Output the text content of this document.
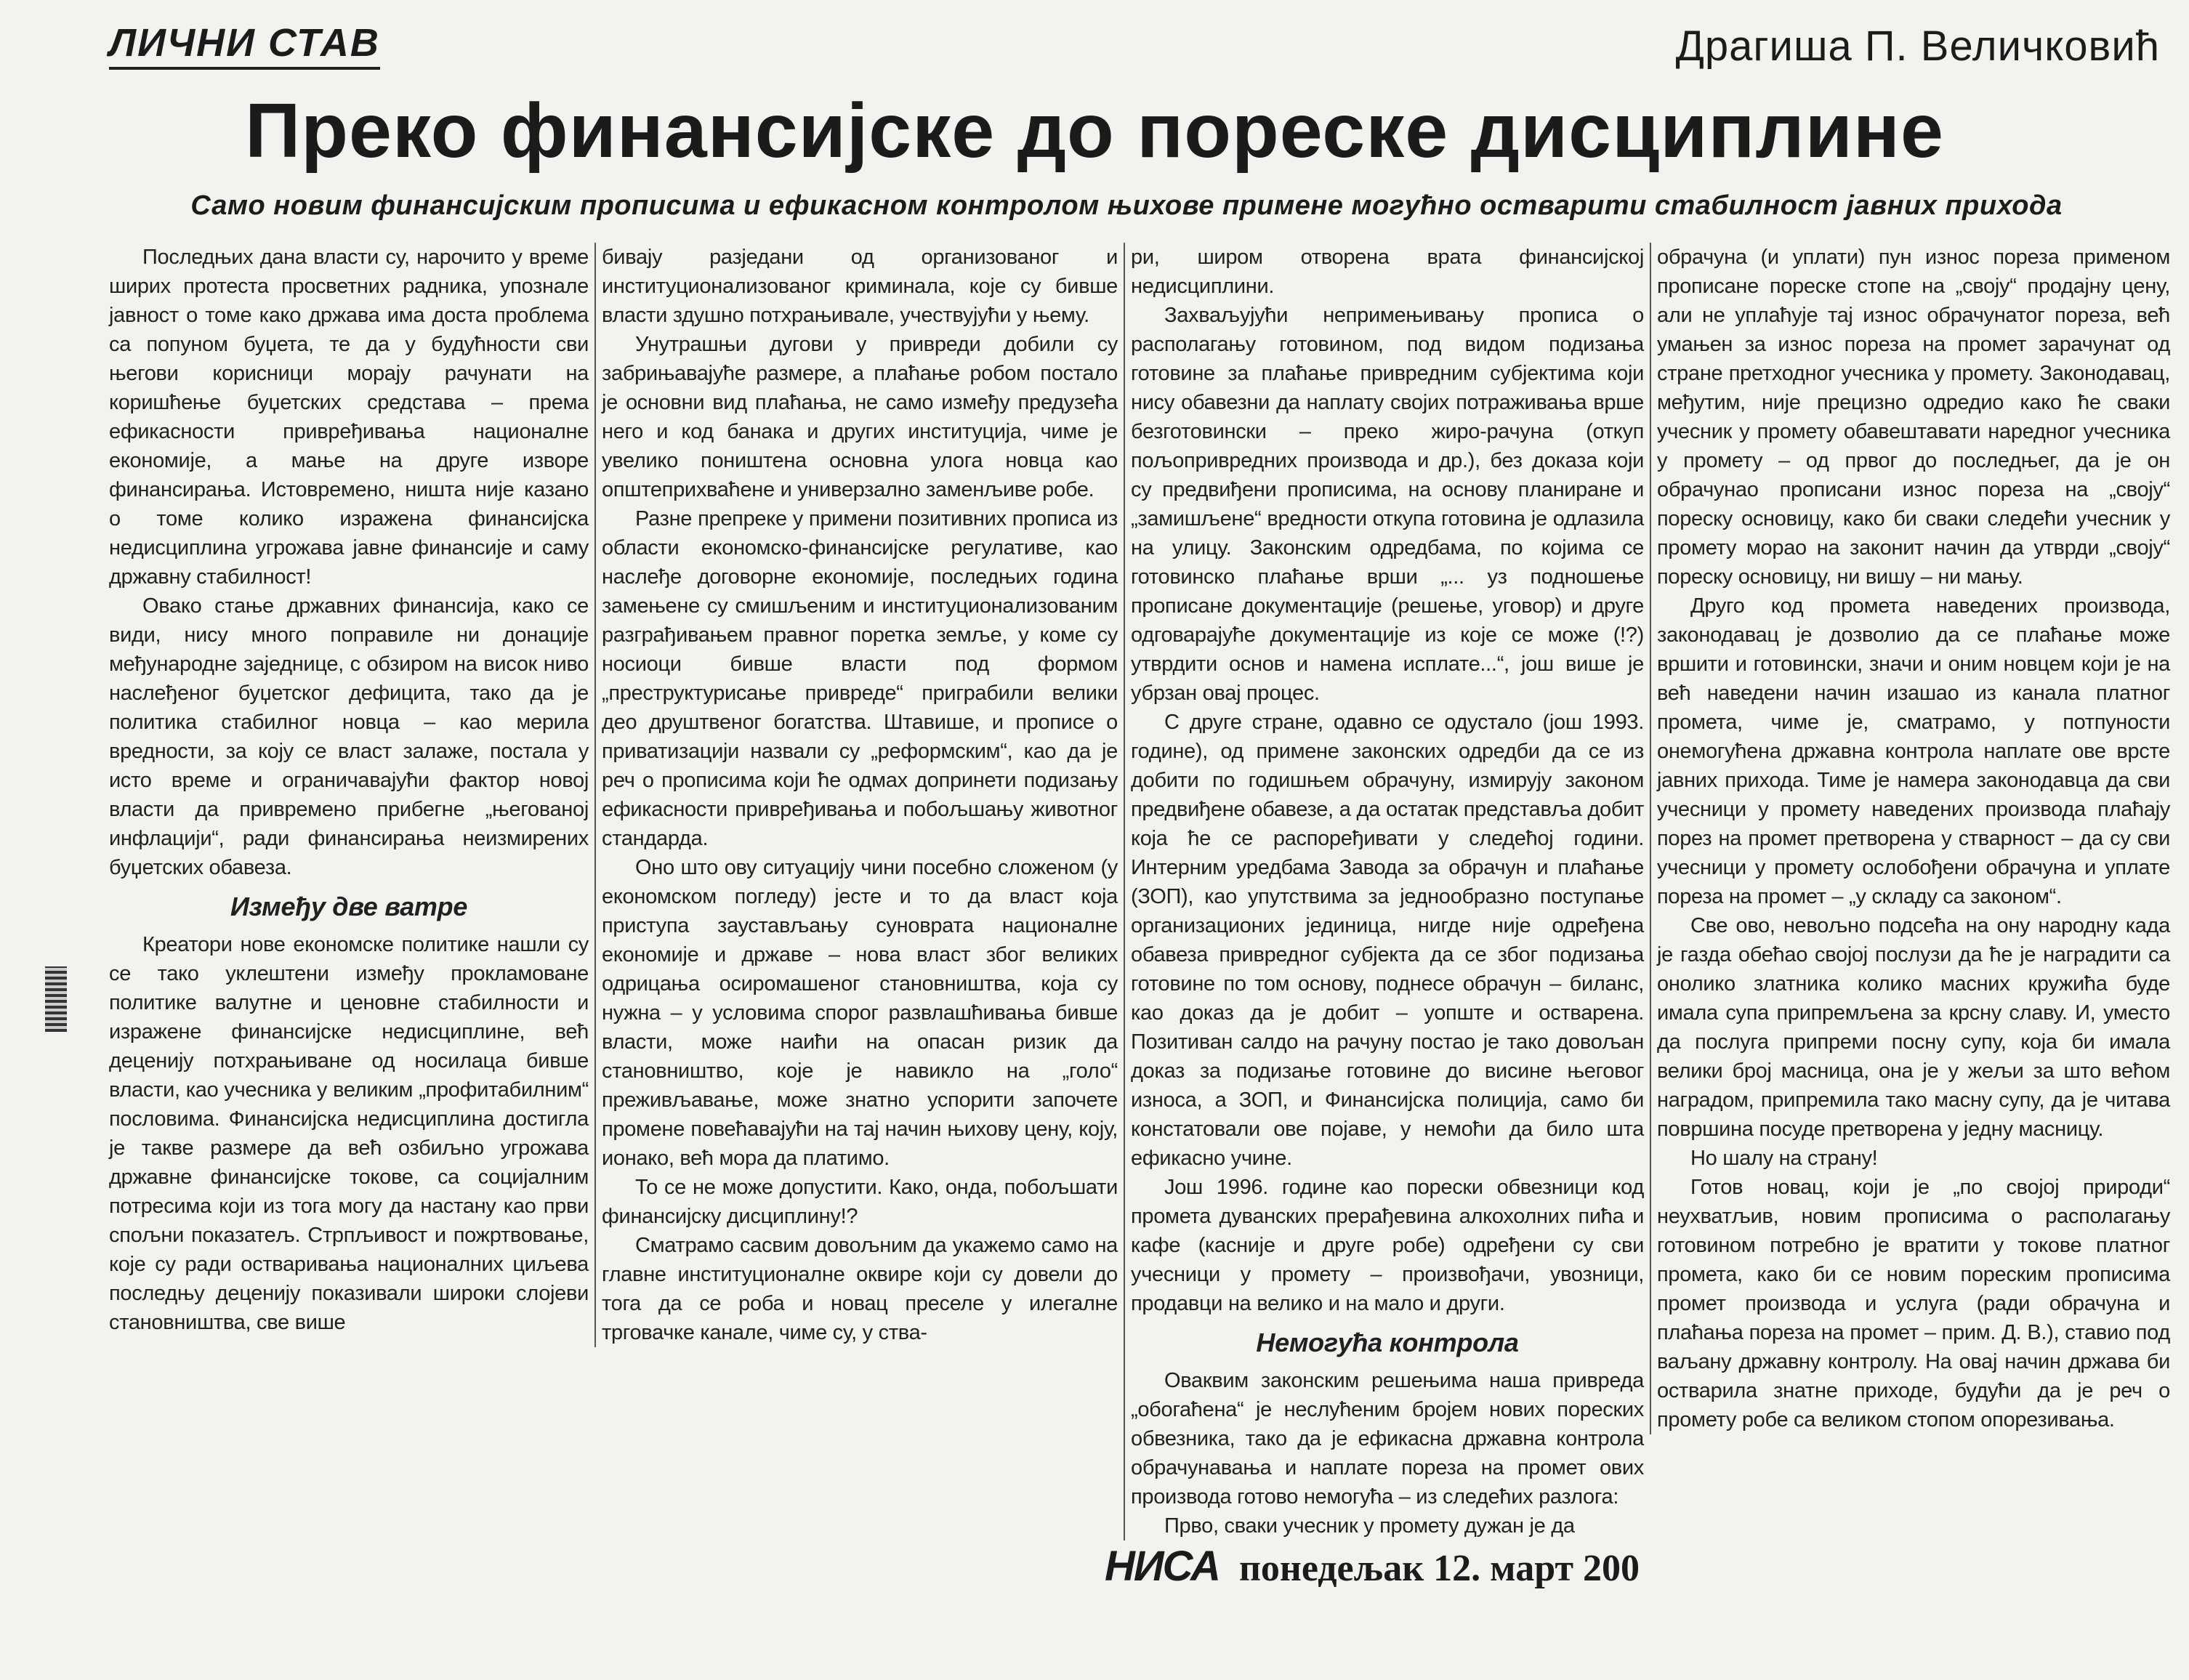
ЛИЧНИ СТАВ	Драгиша П. Величковић
Преко финансијске до пореске дисциплине
Само новим финансијским прописима и ефикасном контролом њихове примене могућно остварити стабилност јавних прихода

Последњих дана власти су, нарочито у време ширих протеста просветних радника, упознале јавност о томе како држава има доста проблема са попуном буџета, те да у будућности сви његови корисници морају рачунати на коришћење буџетских средстава – према ефикасности привређивања националне економије, а мање на друге изворе финансирања. Истовремено, ништа није казано о томе колико изражена финансијска недисциплина угрожава јавне финансије и саму државну стабилност!

Овако стање државних финансија, како се види, нису много поправиле ни донације међународне заједнице, с обзиром на висок ниво наслеђеног буџетског дефицита, тако да је политика стабилног новца – као мерила вредности, за коју се власт залаже, постала у исто време и ограничавајући фактор новој власти да привремено прибегне „његованој инфлацији“, ради финансирања неизмирених буџетских обавеза.

Између две ватре

Креатори нове економске политике нашли су се тако уклештени између прокламоване политике валутне и ценовне стабилности и изражене финансијске недисциплине, већ деценију потхрањиване од носилаца бивше власти, као учесника у великим „профитабилним“ пословима. Финансијска недисциплина достигла је такве размере да већ озбиљно угрожава државне финансијске токове, са социјалним потресима који из тога могу да настану као први спољни показатељ. Стрпљивост и пожртвовање, које су ради остваривања националних циљева последњу деценију показивали широки слојеви становништва, све више

бивају разједани од организованог и институционализованог криминала, које су бивше власти здушно потхрањивале, учествујући у њему.

Унутрашњи дугови у привреди добили су забрињавајуће размере, а плаћање робом постало је основни вид плаћања, не само између предузећа него и код банака и других институција, чиме је увелико поништена основна улога новца као општеприхваћене и универзално заменљиве робе.

Разне препреке у примени позитивних прописа из области економско-финансијске регулативе, као наслеђе договорне економије, последњих година замењене су смишљеним и институционализованим разграђивањем правног поретка земље, у коме су носиоци бивше власти под формом „преструктурисање привреде“ приграбили велики део друштвеног богатства. Штавише, и прописе о приватизацији назвали су „реформским“, као да је реч о прописима који ће одмах допринети подизању ефикасности привређивања и побољшању животног стандарда.

Оно што ову ситуацију чини посебно сложеном (у економском погледу) јесте и то да власт која приступа заустављању суноврата националне економије и државе – нова власт због великих одрицања осиромашеног становништва, која су нужна – у условима спорог развлашћивања бивше власти, може наићи на опасан ризик да становништво, које је навикло на „голо“ преживљавање, може знатно успорити започете промене повећавајући на тај начин њихову цену, коју, ионако, већ мора да платимо.

То се не може допустити. Како, онда, побољшати финансијску дисциплину!?

Сматрамо сасвим довољним да укажемо само на главне институционалне оквире који су довели до тога да се роба и новац преселе у илегалне трговачке канале, чиме су, у ства-

ри, широм отворена врата финансијској недисциплини.

Захваљујући непримењивању прописа о располагању готовином, под видом подизања готовине за плаћање привредним субјектима који нису обавезни да наплату својих потраживања врше безготовински – преко жиро-рачуна (откуп пољопривредних производа и др.), без доказа који су предвиђени прописима, на основу планиране и „замишљене“ вредности откупа готовина је одлазила на улицу. Законским одредбама, по којима се готовинско плаћање врши „... уз подношење прописане документације (решење, уговор) и друге одговарајуће документације из које се може (!?) утврдити основ и намена исплате...“, још више је убрзан овај процес.

С друге стране, одавно се одустало (још 1993. године), од примене законских одредби да се из добити по годишњем обрачуну, измирују законом предвиђене обавезе, а да остатак представља добит која ће се распоређивати у следећој години. Интерним уредбама Завода за обрачун и плаћање (ЗОП), као упутствима за једнообразно поступање организационих јединица, нигде није одређена обавеза привредног субјекта да се због подизања готовине по том основу, поднесе обрачун – биланс, као доказ да је добит – уопште и остварена. Позитиван салдо на рачуну постао је тако довољан доказ за подизање готовине до висине његовог износа, а ЗОП, и Финансијска полиција, само би констатовали ове појаве, у немоћи да било шта ефикасно учине.

Још 1996. године као порески обвезници код промета дуванских прерађевина алкохолних пића и кафе (касније и друге робе) одређени су сви учесници у промету – произвођачи, увозници, продавци на велико и на мало и други.

Немогућа контрола

Оваквим законским решењима наша привреда „обогаћена“ је неслућеним бројем нових пореских обвезника, тако да је ефикасна државна контрола обрачунавања и наплате пореза на промет ових производа готово немогућа – из следећих разлога:

Прво, сваки учесник у промету дужан је да

обрачуна (и уплати) пун износ пореза применом прописане пореске стопе на „своју“ продајну цену, али не уплаћује тај износ обрачунатог пореза, већ умањен за износ пореза на промет зарачунат од стране претходног учесника у промету. Законодавац, међутим, није прецизно одредио како ће сваки учесник у промету обавештавати наредног учесника у промету – од првог до последњег, да је он обрачунао прописани износ пореза на „своју“ пореску основицу, како би сваки следећи учесник у промету морао на законит начин да утврди „своју“ пореску основицу, ни вишу – ни мању.

Друго код промета наведених производа, законодавац је дозволио да се плаћање може вршити и готовински, значи и оним новцем који је на већ наведени начин изашао из канала платног промета, чиме је, сматрамо, у потпуности онемогућена државна контрола наплате ове врсте јавних прихода. Тиме је намера законодавца да сви учесници у промету наведених производа плаћају порез на промет претворена у стварност – да су сви учесници у промету ослобођени обрачуна и уплате пореза на промет – „у складу са законом“.

Све ово, невољно подсећа на ону народну када је газда обећао својој послузи да ће је наградити са онолико златника колико масних кружића буде имала супа припремљена за крсну славу. И, уместо да послуга припреми посну супу, која би имала велики број масница, она је у жељи за што већом наградом, припремила тако масну супу, да је читава површина посуде претворена у једну масницу.

Но шалу на страну!

Готов новац, који је „по својој природи“ неухватљив, новим прописима о располагању готовином потребно је вратити у токове платног промета, како би се новим пореским прописима промет производа и услуга (ради обрачуна и плаћања пореза на промет – прим. Д. В.), ставио под ваљану државну контролу. На овај начин држава би остварила знатне приходе, будући да је реч о промету робе са великом стопом опорезивања.

НИСА понедељак 12. март 200
